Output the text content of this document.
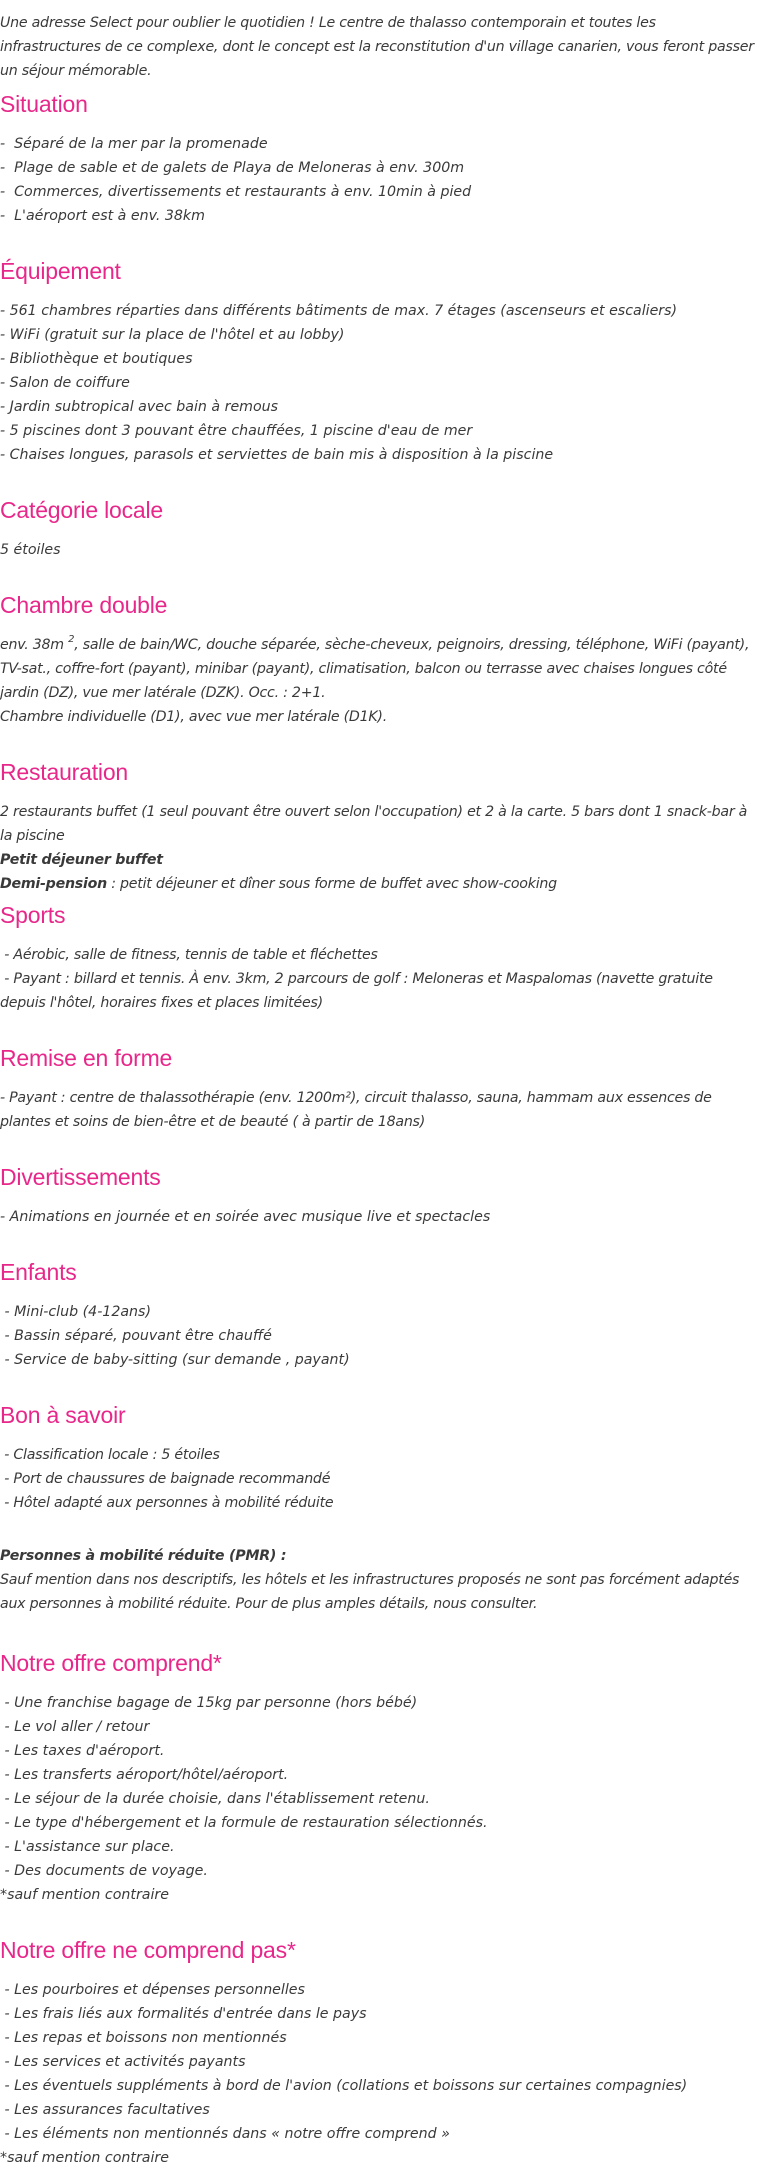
Une adresse Select pour oublier le quotidien ! Le centre de thalasso contemporain et toutes les infrastructures de ce complexe, dont le concept est la reconstitution d'un village canarien, vous feront passer un séjour mémorable.
Situation
-  Séparé de la mer par la promenade
-  Plage de sable et de galets de Playa de Meloneras à env. 300m
-  Commerces, divertissements et restaurants à env. 10min à pied
-  L'aéroport est à env. 38km
Équipement
- 561 chambres réparties dans différents bâtiments de max. 7 étages (ascenseurs et escaliers)
- WiFi (gratuit sur la place de l'hôtel et au lobby)
- Bibliothèque et boutiques
- Salon de coiffure
- Jardin subtropical avec bain à remous
- 5 piscines dont 3 pouvant être chauffées, 1 piscine d'eau de mer
- Chaises longues, parasols et serviettes de bain mis à disposition à la piscine
Catégorie locale
5 étoiles
Chambre double
env. 38m $^2$, salle de bain/WC, douche séparée, sèche-cheveux, peignoirs, dressing, téléphone, WiFi (payant), TV-sat., coffre-fort (payant), minibar (payant), climatisation, balcon ou terrasse avec chaises longues côté jardin (DZ), vue mer latérale (DZK). Occ. : 2+1.
Chambre individuelle (D1), avec vue mer latérale (D1K).
Restauration
2 restaurants buffet (1 seul pouvant être ouvert selon l'occupation) et 2 à la carte. 5 bars dont 1 snack-bar à la piscine
Petit déjeuner buffet
Demi-pension : petit déjeuner et dîner sous forme de buffet avec show-cooking
Sports
- Aérobic, salle de fitness, tennis de table et fléchettes
- Payant : billard et tennis. À env. 3km, 2 parcours de golf : Meloneras et Maspalomas (navette gratuite depuis l'hôtel, horaires fixes et places limitées)
Remise en forme
- Payant : centre de thalassothérapie (env. 1200m²), circuit thalasso, sauna, hammam aux essences de plantes et soins de bien-être et de beauté ( à partir de 18ans)
Divertissements
- Animations en journée et en soirée avec musique live et spectacles
Enfants
- Mini-club (4-12ans)
- Bassin séparé, pouvant être chauffé
- Service de baby-sitting (sur demande , payant)
Bon à savoir
- Classification locale : 5 étoiles
- Port de chaussures de baignade recommandé
- Hôtel adapté aux personnes à mobilité réduite
Personnes à mobilité réduite (PMR) :
Sauf mention dans nos descriptifs, les hôtels et les infrastructures proposés ne sont pas forcément adaptés aux personnes à mobilité réduite. Pour de plus amples détails, nous consulter.
Notre offre comprend*
- Une franchise bagage de 15kg par personne (hors bébé)
- Le vol aller / retour
- Les taxes d'aéroport.
- Les transferts aéroport/hôtel/aéroport.
- Le séjour de la durée choisie, dans l'établissement retenu.
- Le type d'hébergement et la formule de restauration sélectionnés.
- L'assistance sur place.
- Des documents de voyage.
*sauf mention contraire
Notre offre ne comprend pas*
- Les pourboires et dépenses personnelles
- Les frais liés aux formalités d'entrée dans le pays
- Les repas et boissons non mentionnés
- Les services et activités payants
- Les éventuels suppléments à bord de l'avion (collations et boissons sur certaines compagnies)
- Les assurances facultatives
- Les éléments non mentionnés dans « notre offre comprend »
*sauf mention contraire
